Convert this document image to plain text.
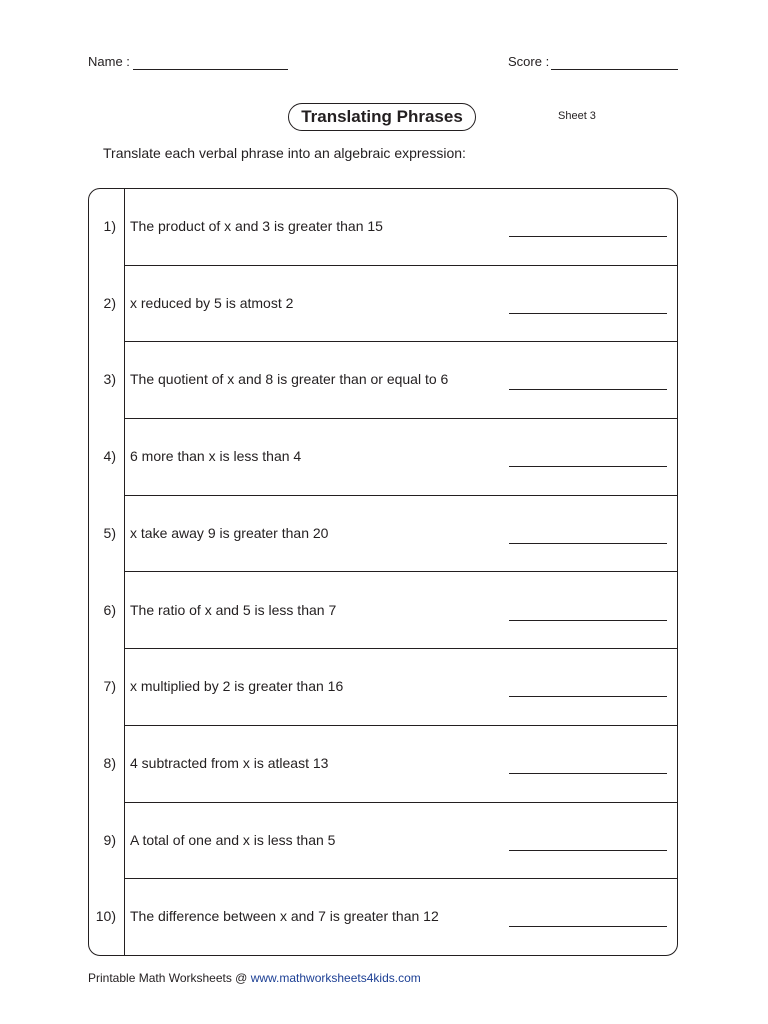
Name :	Score :
Translating Phrases	Sheet 3
Translate each verbal phrase into an algebraic expression:
1) The product of x and 3 is greater than 15
2) x reduced by 5 is atmost 2
3) The quotient of x and 8 is greater than or equal to 6
4) 6 more than x is less than 4
5) x take away 9 is greater than 20
6) The ratio of x and 5 is less than 7
7) x multiplied by 2 is greater than 16
8) 4 subtracted from x is atleast 13
9) A total of one and x is less than 5
10) The difference between x and 7 is greater than 12
Printable Math Worksheets @ www.mathworksheets4kids.com
